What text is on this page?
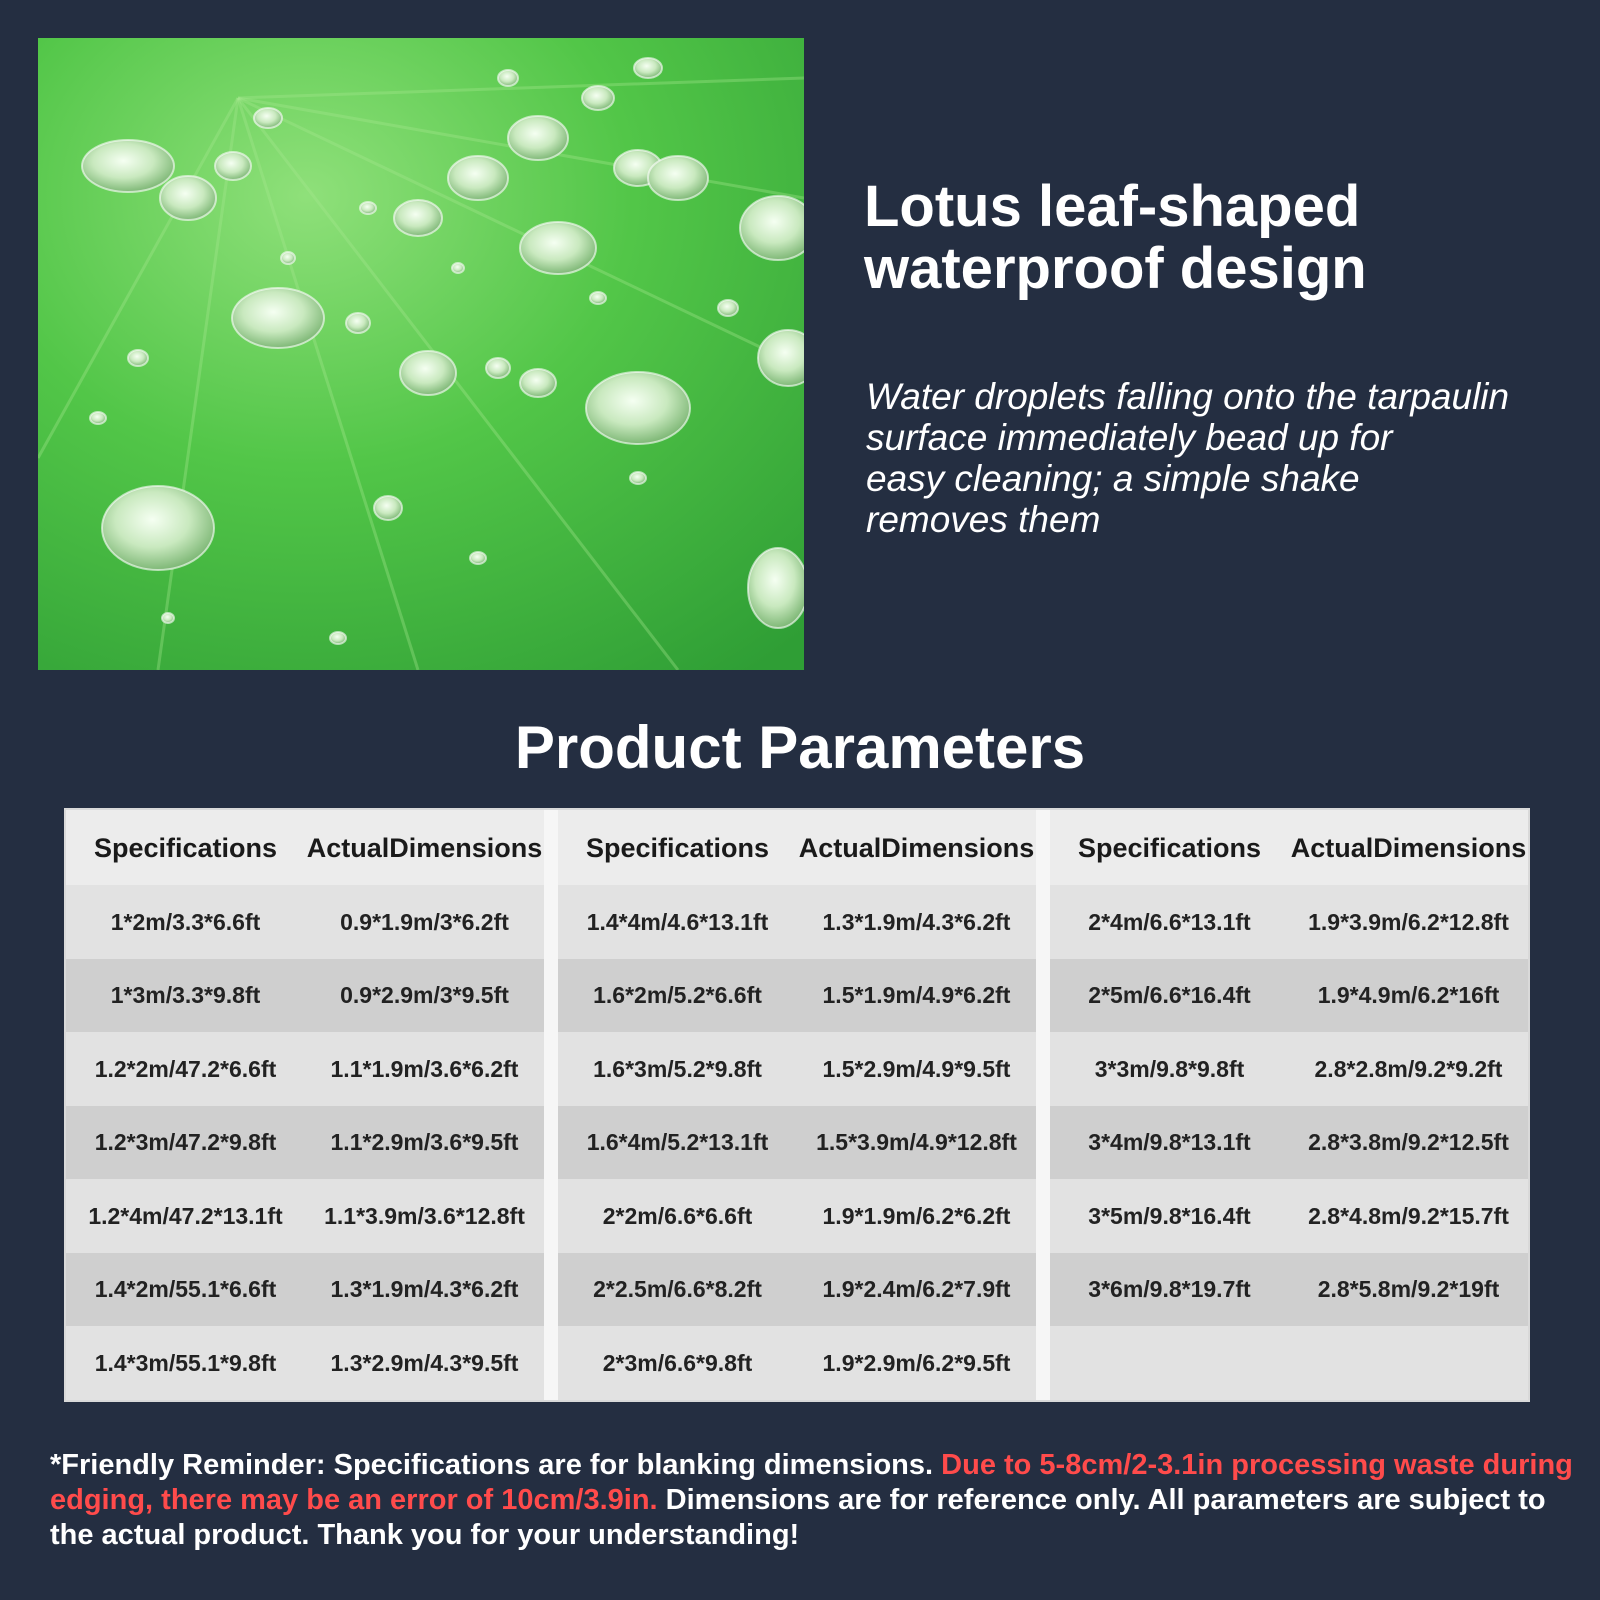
Lotus leaf-shaped
waterproof design

Water droplets falling onto the tarpaulin
surface immediately bead up for
easy cleaning; a simple shake
removes them

Product Parameters
Specifications	Actual Dimensions
1*2m/3.3*6.6ft	0.9*1.9m/3*6.2ft
1*3m/3.3*9.8ft	0.9*2.9m/3*9.5ft
1.2*2m/47.2*6.6ft	1.1*1.9m/3.6*6.2ft
1.2*3m/47.2*9.8ft	1.1*2.9m/3.6*9.5ft
1.2*4m/47.2*13.1ft	1.1*3.9m/3.6*12.8ft
1.4*2m/55.1*6.6ft	1.3*1.9m/4.3*6.2ft
1.4*3m/55.1*9.8ft	1.3*2.9m/4.3*9.5ft
Specifications	Actual Dimensions
1.4*4m/4.6*13.1ft	1.3*1.9m/4.3*6.2ft
1.6*2m/5.2*6.6ft	1.5*1.9m/4.9*6.2ft
1.6*3m/5.2*9.8ft	1.5*2.9m/4.9*9.5ft
1.6*4m/5.2*13.1ft	1.5*3.9m/4.9*12.8ft
2*2m/6.6*6.6ft	1.9*1.9m/6.2*6.2ft
2*2.5m/6.6*8.2ft	1.9*2.4m/6.2*7.9ft
2*3m/6.6*9.8ft	1.9*2.9m/6.2*9.5ft
Specifications	Actual Dimensions
2*4m/6.6*13.1ft	1.9*3.9m/6.2*12.8ft
2*5m/6.6*16.4ft	1.9*4.9m/6.2*16ft
3*3m/9.8*9.8ft	2.8*2.8m/9.2*9.2ft
3*4m/9.8*13.1ft	2.8*3.8m/9.2*12.5ft
3*5m/9.8*16.4ft	2.8*4.8m/9.2*15.7ft
3*6m/9.8*19.7ft	2.8*5.8m/9.2*19ft

*Friendly Reminder: Specifications are for blanking dimensions. Due to 5-8cm/2-3.1in processing waste during edging, there may be an error of 10cm/3.9in. Dimensions are for reference only. All parameters are subject to the actual product. Thank you for your understanding!
